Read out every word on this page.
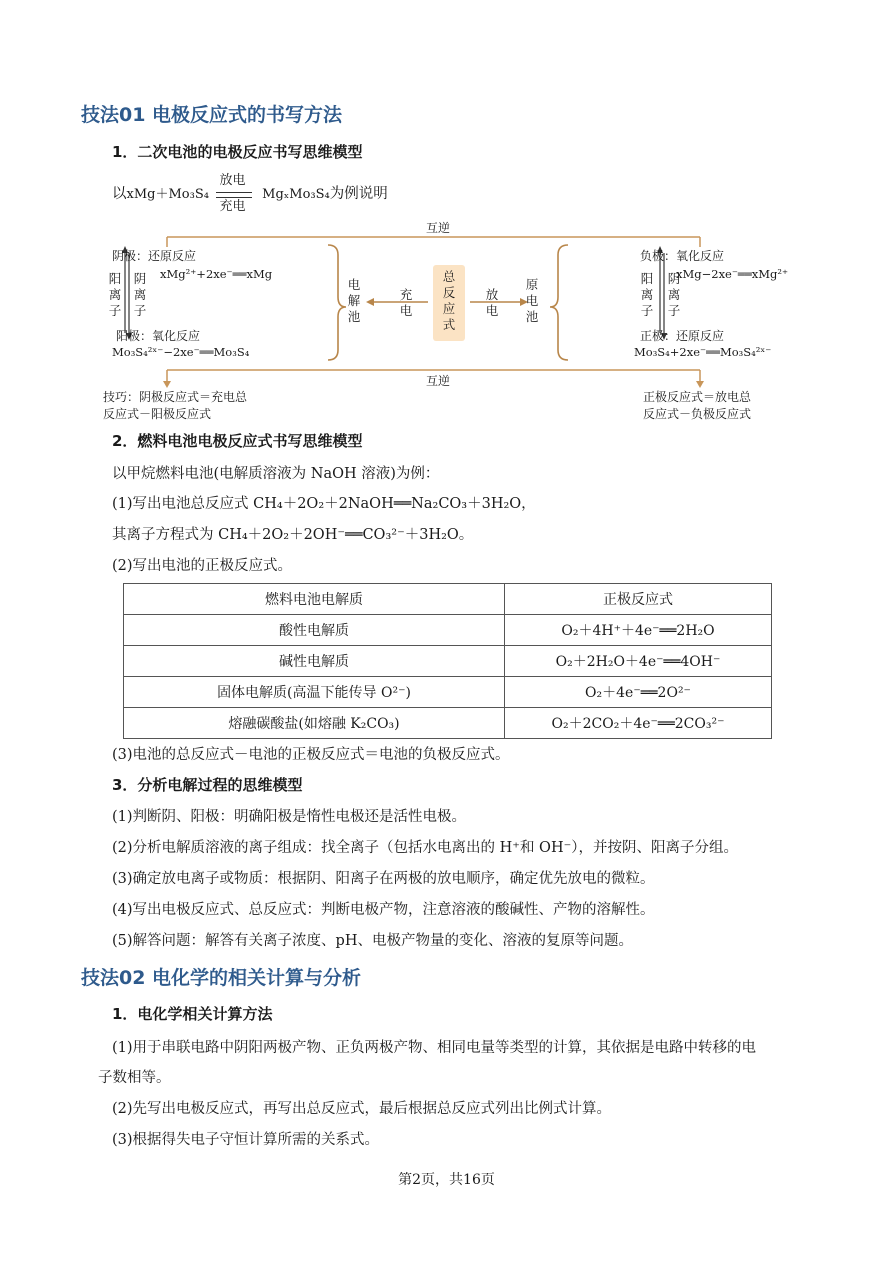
技法01 电极反应式的书写方法
1．二次电池的电极反应书写思维模型
以xMg＋Mo₃S₄
放电
充电
MgₓMo₃S₄为例说明
互逆
互逆
阴极：还原反应
xMg²⁺+2xe⁻══xMg
阳离子
阴离子
阳极：氧化反应
Mo₃S₄²ˣ⁻−2xe⁻══Mo₃S₄
电解池
充电
总反应式
放电
原电池
负极：氧化反应
xMg−2xe⁻══xMg²⁺
阳离子
阴离子
正极：还原反应
Mo₃S₄+2xe⁻══Mo₃S₄²ˣ⁻
技巧：阴极反应式＝充电总
反应式－阳极反应式
正极反应式＝放电总
反应式－负极反应式
2．燃料电池电极反应式书写思维模型
以甲烷燃料电池(电解质溶液为 NaOH 溶液)为例：
(1)写出电池总反应式 CH₄＋2O₂＋2NaOH══Na₂CO₃＋3H₂O，
其离子方程式为 CH₄＋2O₂＋2OH⁻══CO₃²⁻＋3H₂O。
(2)写出电池的正极反应式。
燃料电池电解质	正极反应式
酸性电解质	O₂＋4H⁺＋4e⁻══2H₂O
碱性电解质	O₂＋2H₂O＋4e⁻══4OH⁻
固体电解质(高温下能传导 O²⁻)	O₂＋4e⁻══2O²⁻
熔融碳酸盐(如熔融 K₂CO₃)	O₂＋2CO₂＋4e⁻══2CO₃²⁻
(3)电池的总反应式－电池的正极反应式＝电池的负极反应式。
3．分析电解过程的思维模型
(1)判断阴、阳极：明确阳极是惰性电极还是活性电极。
(2)分析电解质溶液的离子组成：找全离子（包括水电离出的 H⁺和 OH⁻），并按阴、阳离子分组。
(3)确定放电离子或物质：根据阴、阳离子在两极的放电顺序，确定优先放电的微粒。
(4)写出电极反应式、总反应式：判断电极产物，注意溶液的酸碱性、产物的溶解性。
(5)解答问题：解答有关离子浓度、pH、电极产物量的变化、溶液的复原等问题。
技法02 电化学的相关计算与分析
1．电化学相关计算方法
(1)用于串联电路中阴阳两极产物、正负两极产物、相同电量等类型的计算，其依据是电路中转移的电
子数相等。
(2)先写出电极反应式，再写出总反应式，最后根据总反应式列出比例式计算。
(3)根据得失电子守恒计算所需的关系式。
第2页，共16页
